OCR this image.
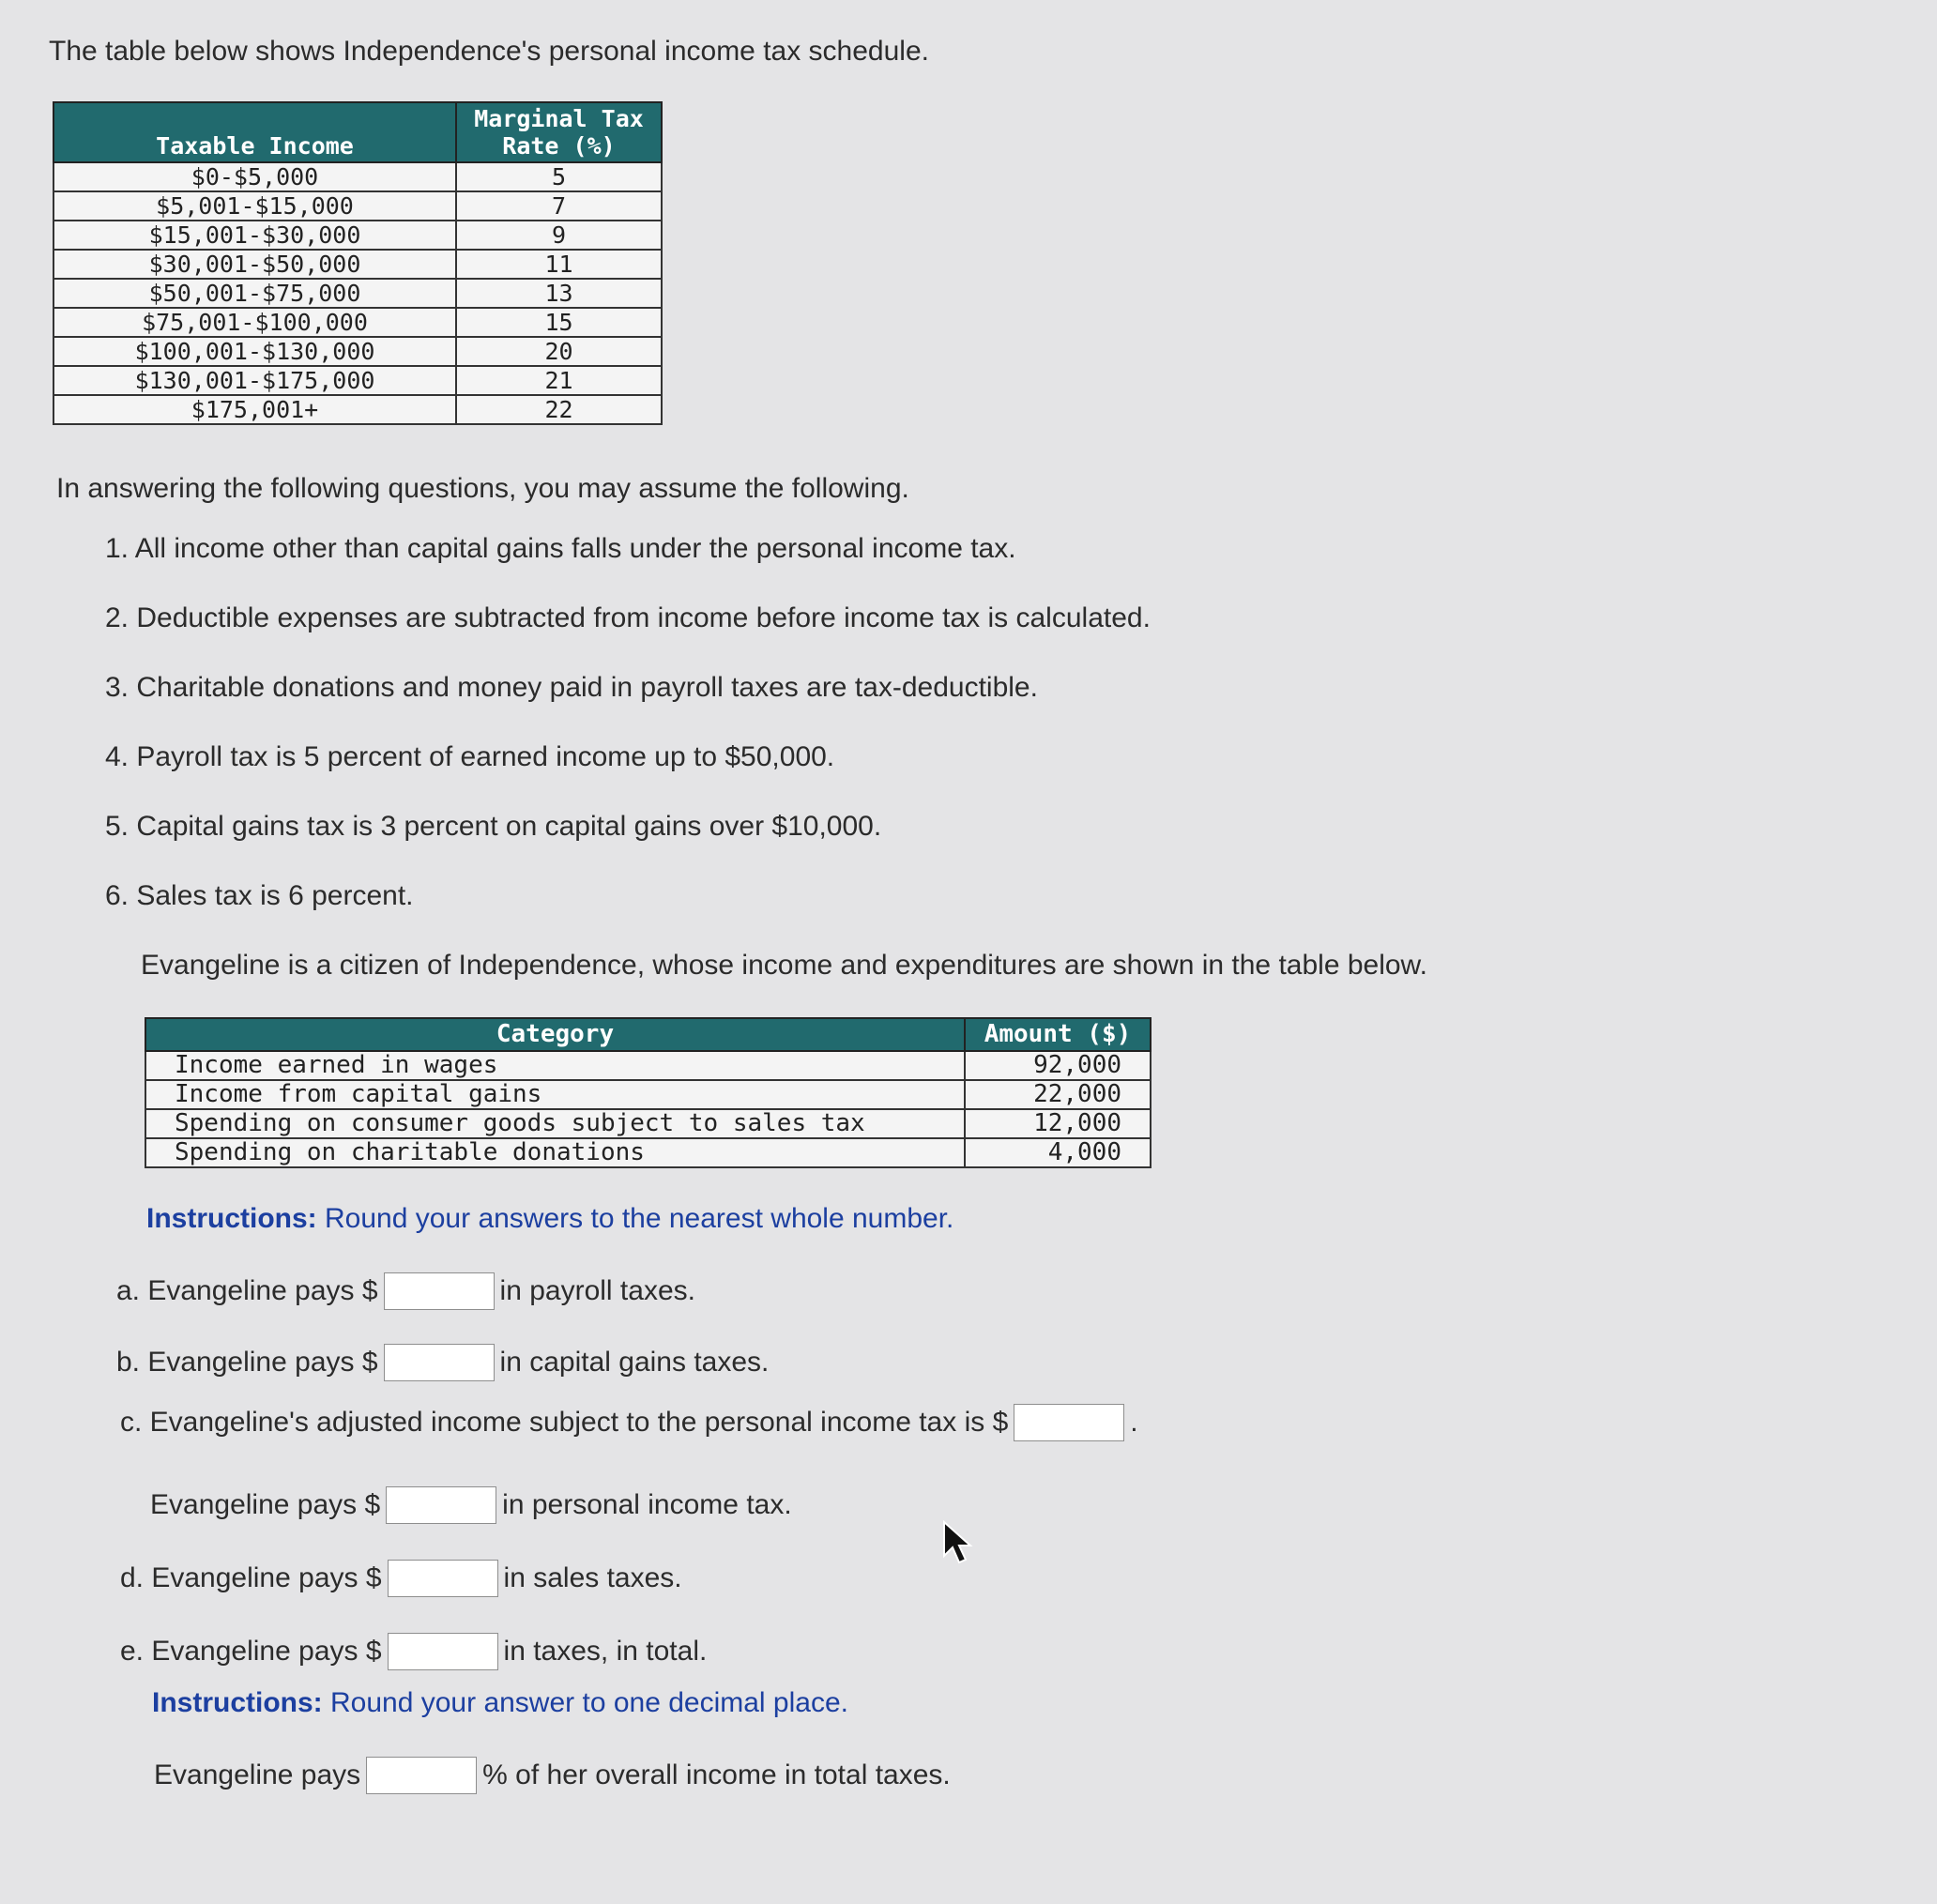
The table below shows Independence's personal income tax schedule.
Taxable Income	Marginal Tax Rate (%)
$0-$5,000	5
$5,001-$15,000	7
$15,001-$30,000	9
$30,001-$50,000	11
$50,001-$75,000	13
$75,001-$100,000	15
$100,001-$130,000	20
$130,001-$175,000	21
$175,001+	22
In answering the following questions, you may assume the following.
1. All income other than capital gains falls under the personal income tax.
2. Deductible expenses are subtracted from income before income tax is calculated.
3. Charitable donations and money paid in payroll taxes are tax-deductible.
4. Payroll tax is 5 percent of earned income up to $50,000.
5. Capital gains tax is 3 percent on capital gains over $10,000.
6. Sales tax is 6 percent.
Evangeline is a citizen of Independence, whose income and expenditures are shown in the table below.
Category	Amount ($)
Income earned in wages	92,000
Income from capital gains	22,000
Spending on consumer goods subject to sales tax	12,000
Spending on charitable donations	4,000
Instructions: Round your answers to the nearest whole number.
a. Evangeline pays $	in payroll taxes.
b. Evangeline pays $	in capital gains taxes.
c. Evangeline's adjusted income subject to the personal income tax is $	.
Evangeline pays $	in personal income tax.
d. Evangeline pays $	in sales taxes.
e. Evangeline pays $	in taxes, in total.
Instructions: Round your answer to one decimal place.
Evangeline pays	% of her overall income in total taxes.
